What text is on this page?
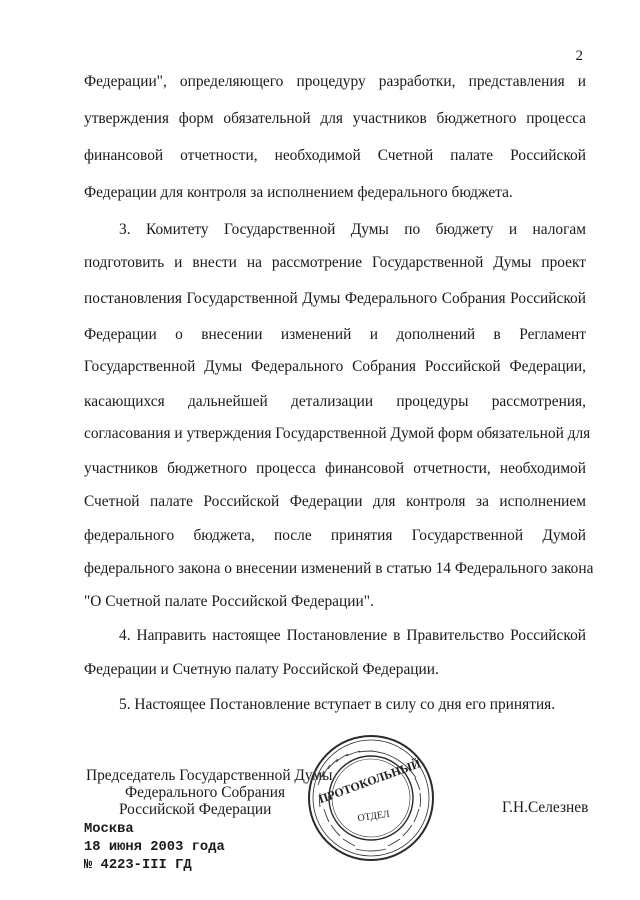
2
Федерации", определяющего процедуру разработки, представления и
утверждения форм обязательной для участников бюджетного процесса
финансовой отчетности, необходимой Счетной палате Российской
Федерации для контроля за исполнением федерального бюджета.
3. Комитету Государственной Думы по бюджету и налогам
подготовить и внести на рассмотрение Государственной Думы проект
постановления Государственной Думы Федерального Собрания Российской
Федерации о внесении изменений и дополнений в Регламент
Государственной Думы Федерального Собрания Российской Федерации,
касающихся дальнейшей детализации процедуры рассмотрения,
согласования и утверждения Государственной Думой форм обязательной для
участников бюджетного процесса финансовой отчетности, необходимой
Счетной палате Российской Федерации для контроля за исполнением
федерального бюджета, после принятия Государственной Думой
федерального закона о внесении изменений в статью 14 Федерального закона
"О Счетной палате Российской Федерации".
4. Направить настоящее Постановление в Правительство Российской
Федерации и Счетную палату Российской Федерации.
5. Настоящее Постановление вступает в силу со дня его принятия.
Председатель Государственной Думы
Федерального Собрания
Российской Федерации	Г.Н.Селезнев
Москва
18 июня 2003 года
№ 4223-III ГД
ПРОТОКОЛЬНЫЙ
ОТДЕЛ
